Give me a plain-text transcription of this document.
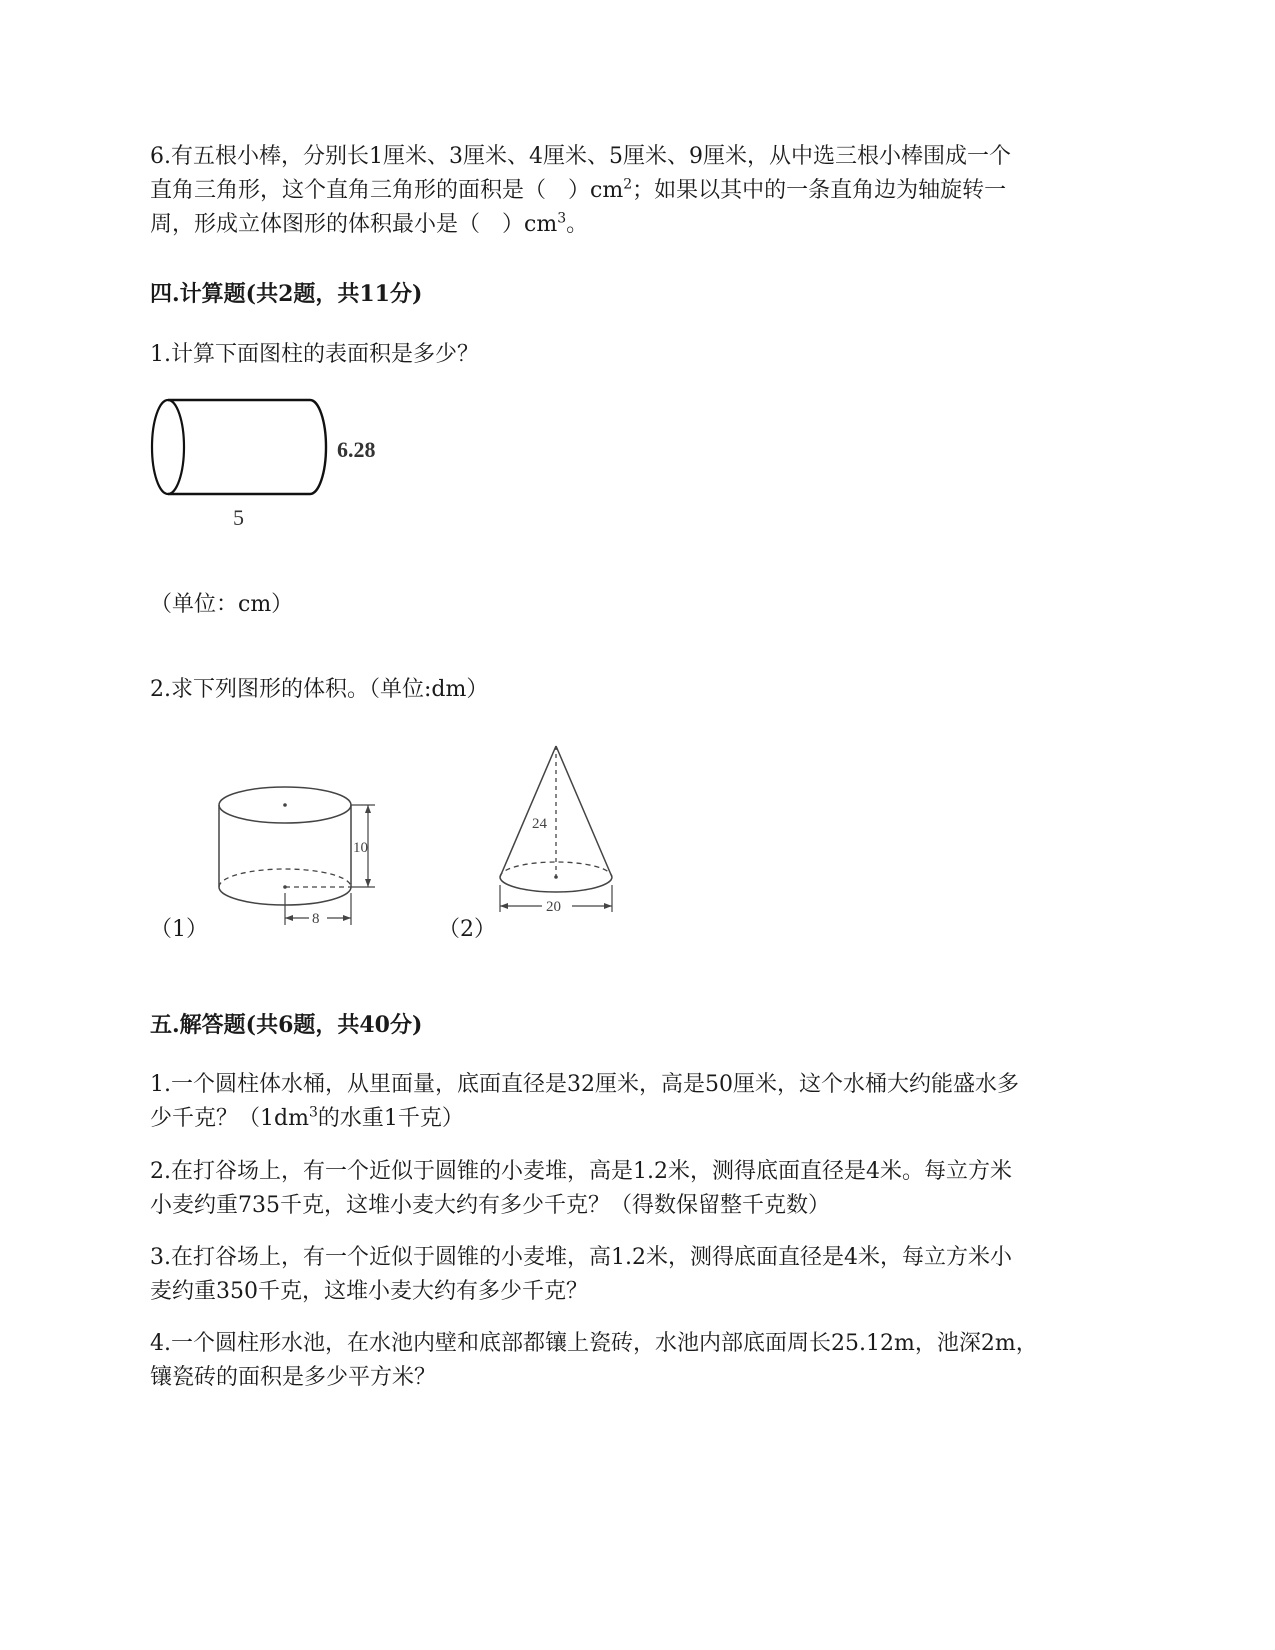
6.有五根小棒，分别长1厘米、3厘米、4厘米、5厘米、9厘米，从中选三根小棒围成一个

直角三角形，这个直角三角形的面积是（　）$cm^2$；如果以其中的一条直角边为轴旋转一

周，形成立体图形的体积最小是（　）$cm^3$。

四.计算题(共2题，共11分)

1.计算下面图柱的表面积是多少？

6.28
5

（单位：cm）

2.求下列图形的体积。（单位:dm）

10
8
（1）
24
20
（2）

五.解答题(共6题，共40分)

1.一个圆柱体水桶，从里面量，底面直径是32厘米，高是50厘米，这个水桶大约能盛水多

少千克？（$1dm^3$的水重1千克）

2.在打谷场上，有一个近似于圆锥的小麦堆，高是1.2米，测得底面直径是4米。每立方米

小麦约重735千克，这堆小麦大约有多少千克？（得数保留整千克数）

3.在打谷场上，有一个近似于圆锥的小麦堆，高1.2米，测得底面直径是4米，每立方米小

麦约重350千克，这堆小麦大约有多少千克？

4.一个圆柱形水池，在水池内壁和底部都镶上瓷砖，水池内部底面周长25.12m，池深2m，

镶瓷砖的面积是多少平方米？
